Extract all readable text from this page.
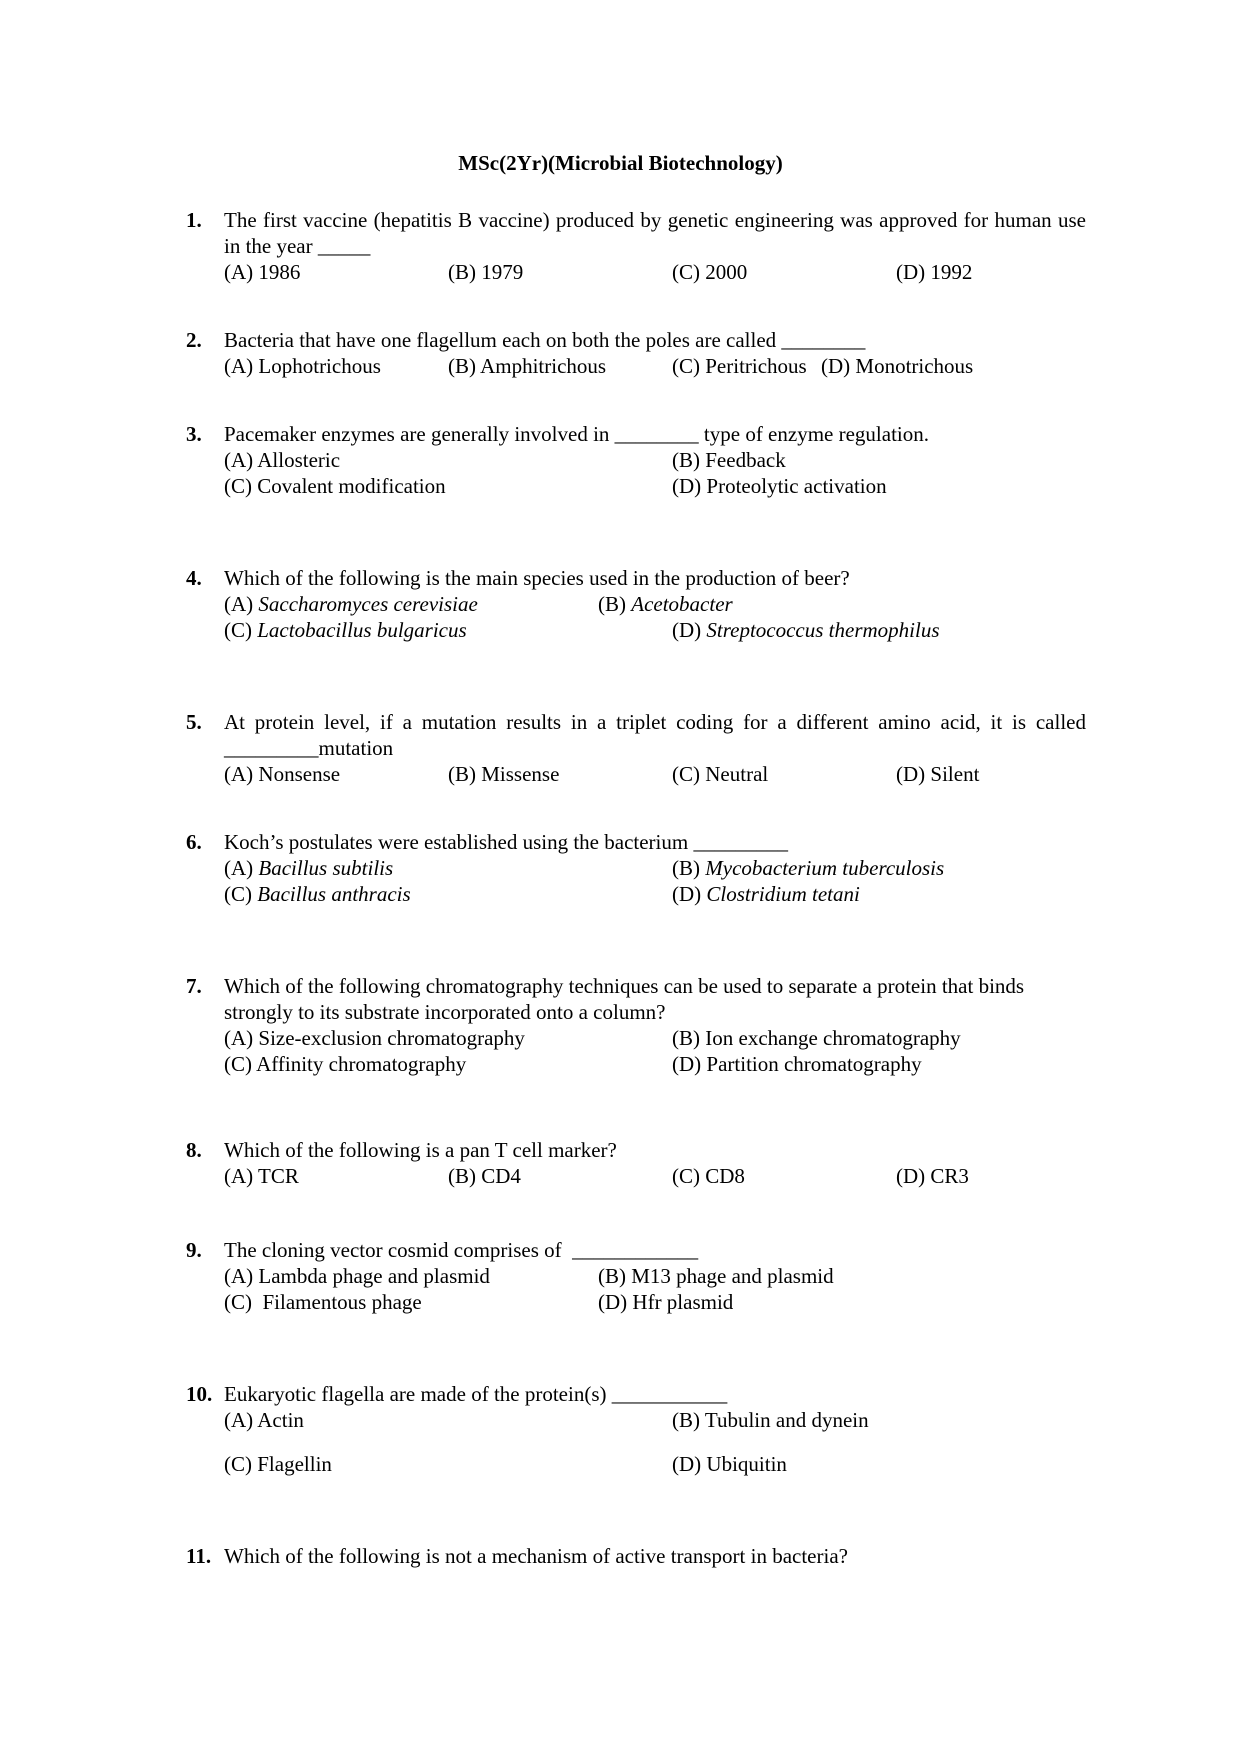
MSc(2Yr)(Microbial Biotechnology)
1. The first vaccine (hepatitis B vaccine) produced by genetic engineering was approved for human use in the year _____
(A) 1986	(B) 1979	(C) 2000	(D) 1992
2. Bacteria that have one flagellum each on both the poles are called ________
(A) Lophotrichous	(B) Amphitrichous	(C) Peritrichous (D) Monotrichous
3. Pacemaker enzymes are generally involved in ________ type of enzyme regulation.
(A) Allosteric	(B) Feedback
(C) Covalent modification	(D) Proteolytic activation
4. Which of the following is the main species used in the production of beer?
(A) Saccharomyces cerevisiae	(B) Acetobacter
(C) Lactobacillus bulgaricus	(D) Streptococcus thermophilus
5. At protein level, if a mutation results in a triplet coding for a different amino acid, it is called _________mutation
(A) Nonsense	(B) Missense	(C) Neutral	(D) Silent
6. Koch’s postulates were established using the bacterium _________
(A) Bacillus subtilis	(B) Mycobacterium tuberculosis
(C) Bacillus anthracis	(D) Clostridium tetani
7. Which of the following chromatography techniques can be used to separate a protein that binds strongly to its substrate incorporated onto a column?
(A) Size-exclusion chromatography	(B) Ion exchange chromatography
(C) Affinity chromatography	(D) Partition chromatography
8. Which of the following is a pan T cell marker?
(A) TCR	(B) CD4	(C) CD8	(D) CR3
9. The cloning vector cosmid comprises of  ____________
(A) Lambda phage and plasmid	(B) M13 phage and plasmid
(C)  Filamentous phage	(D) Hfr plasmid
10. Eukaryotic flagella are made of the protein(s) ___________
(A) Actin	(B) Tubulin and dynein
(C) Flagellin	(D) Ubiquitin
11. Which of the following is not a mechanism of active transport in bacteria?
